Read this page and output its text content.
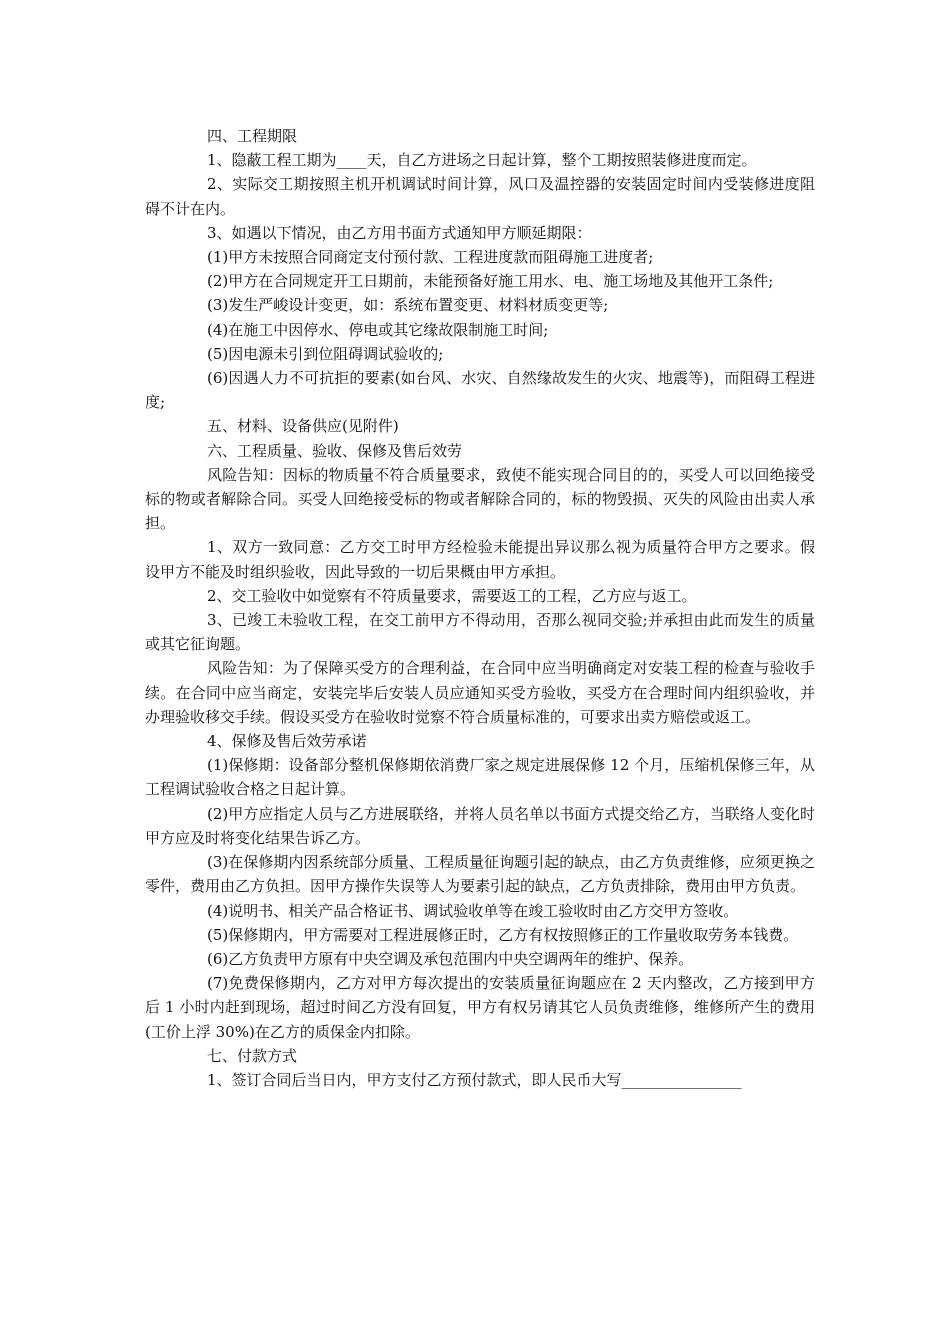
四、工程期限

1、隐蔽工程工期为____天，自乙方进场之日起计算，整个工期按照装修进度而定。

2、实际交工期按照主机开机调试时间计算，风口及温控器的安装固定时间内受装修进度阻碍不计在内。

3、如遇以下情况，由乙方用书面方式通知甲方顺延期限：

(1)甲方未按照合同商定支付预付款、工程进度款而阻碍施工进度者;

(2)甲方在合同规定开工日期前，未能预备好施工用水、电、施工场地及其他开工条件;

(3)发生严峻设计变更，如：系统布置变更、材料材质变更等;

(4)在施工中因停水、停电或其它缘故限制施工时间;

(5)因电源未引到位阻碍调试验收的;

(6)因遇人力不可抗拒的要素(如台风、水灾、自然缘故发生的火灾、地震等)，而阻碍工程进度;

五、材料、设备供应(见附件)

六、工程质量、验收、保修及售后效劳

风险告知：因标的物质量不符合质量要求，致使不能实现合同目的的，买受人可以回绝接受标的物或者解除合同。买受人回绝接受标的物或者解除合同的，标的物毁损、灭失的风险由出卖人承担。

1、双方一致同意：乙方交工时甲方经检验未能提出异议那么视为质量符合甲方之要求。假设甲方不能及时组织验收，因此导致的一切后果概由甲方承担。

2、交工验收中如觉察有不符质量要求，需要返工的工程，乙方应与返工。

3、已竣工未验收工程，在交工前甲方不得动用，否那么视同交验;并承担由此而发生的质量或其它征询题。

风险告知：为了保障买受方的合理利益，在合同中应当明确商定对安装工程的检查与验收手续。在合同中应当商定，安装完毕后安装人员应通知买受方验收，买受方在合理时间内组织验收，并办理验收移交手续。假设买受方在验收时觉察不符合质量标准的，可要求出卖方赔偿或返工。

4、保修及售后效劳承诺

(1)保修期：设备部分整机保修期依消费厂家之规定进展保修 12 个月，压缩机保修三年，从工程调试验收合格之日起计算。

(2)甲方应指定人员与乙方进展联络，并将人员名单以书面方式提交给乙方，当联络人变化时甲方应及时将变化结果告诉乙方。

(3)在保修期内因系统部分质量、工程质量征询题引起的缺点，由乙方负责维修，应须更换之零件，费用由乙方负担。因甲方操作失误等人为要素引起的缺点，乙方负责排除，费用由甲方负责。

(4)说明书、相关产品合格证书、调试验收单等在竣工验收时由乙方交甲方签收。

(5)保修期内，甲方需要对工程进展修正时，乙方有权按照修正的工作量收取劳务本钱费。

(6)乙方负责甲方原有中央空调及承包范围内中央空调两年的维护、保养。

(7)免费保修期内，乙方对甲方每次提出的安装质量征询题应在 2 天内整改，乙方接到甲方后 1 小时内赶到现场，超过时间乙方没有回复，甲方有权另请其它人员负责维修，维修所产生的费用(工价上浮 30%)在乙方的质保金内扣除。

七、付款方式

1、签订合同后当日内，甲方支付乙方预付款式，即人民币大写________________
